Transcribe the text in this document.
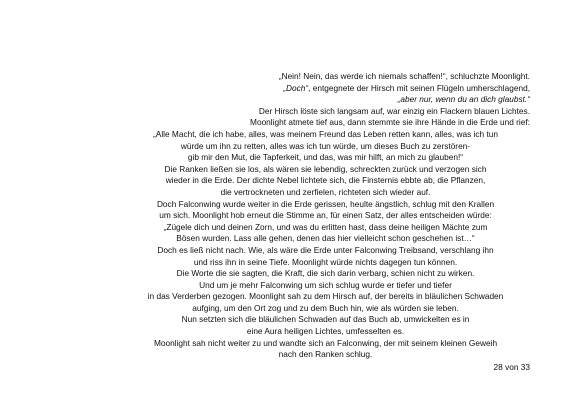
„Nein! Nein, das werde ich niemals schaffen!“, schluchzte Moonlight.
„Doch“, entgegnete der Hirsch mit seinen Flügeln umherschlagend,
„aber nur, wenn du an dich glaubst.“
Der Hirsch löste sich langsam auf, war einzig ein Flackern blauen Lichtes.
Moonlight atmete tief aus, dann stemmte sie ihre Hände in die Erde und rief:
„Alle Macht, die ich habe, alles, was meinem Freund das Leben retten kann, alles, was ich tun
würde um ihn zu retten, alles was ich tun würde, um dieses Buch zu zerstören-
gib mir den Mut, die Tapferkeit, und das, was mir hilft, an mich zu glauben!“
Die Ranken ließen sie los, als wären sie lebendig, schreckten zurück und verzogen sich
wieder in die Erde. Der dichte Nebel lichtete sich, die Finsternis ebbte ab, die Pflanzen,
die vertrockneten und zerfielen, richteten sich wieder auf.
Doch Falconwing wurde weiter in die Erde gerissen, heulte ängstlich, schlug mit den Krallen
um sich. Moonlight hob erneut die Stimme an, für einen Satz, der alles entscheiden würde:
„Zügele dich und deinen Zorn, und was du erlitten hast, dass deine heiligen Mächte zum
Bösen wurden. Lass alle gehen, denen das hier vielleicht schon geschehen ist…“
Doch es ließ nicht nach. Wie, als wäre die Erde unter Falconwing Treibsand, verschlang ihn
und riss ihn in seine Tiefe. Moonlight würde nichts dagegen tun können.
Die Worte die sie sagten, die Kraft, die sich darin verbarg, schien nicht zu wirken.
Und um je mehr Falconwing um sich schlug wurde er tiefer und tiefer
in das Verderben gezogen. Moonlight sah zu dem Hirsch auf, der bereits in bläulichen Schwaden
aufging, um den Ort zog und zu dem Buch hin, wie als würden sie leben.
Nun setzten sich die bläulichen Schwaden auf das Buch ab, umwickelten es in
eine Aura heiligen Lichtes, umfesselten es.
Moonlight sah nicht weiter zu und wandte sich an Falconwing, der mit seinem kleinen Geweih
nach den Ranken schlug.
28 von 33
